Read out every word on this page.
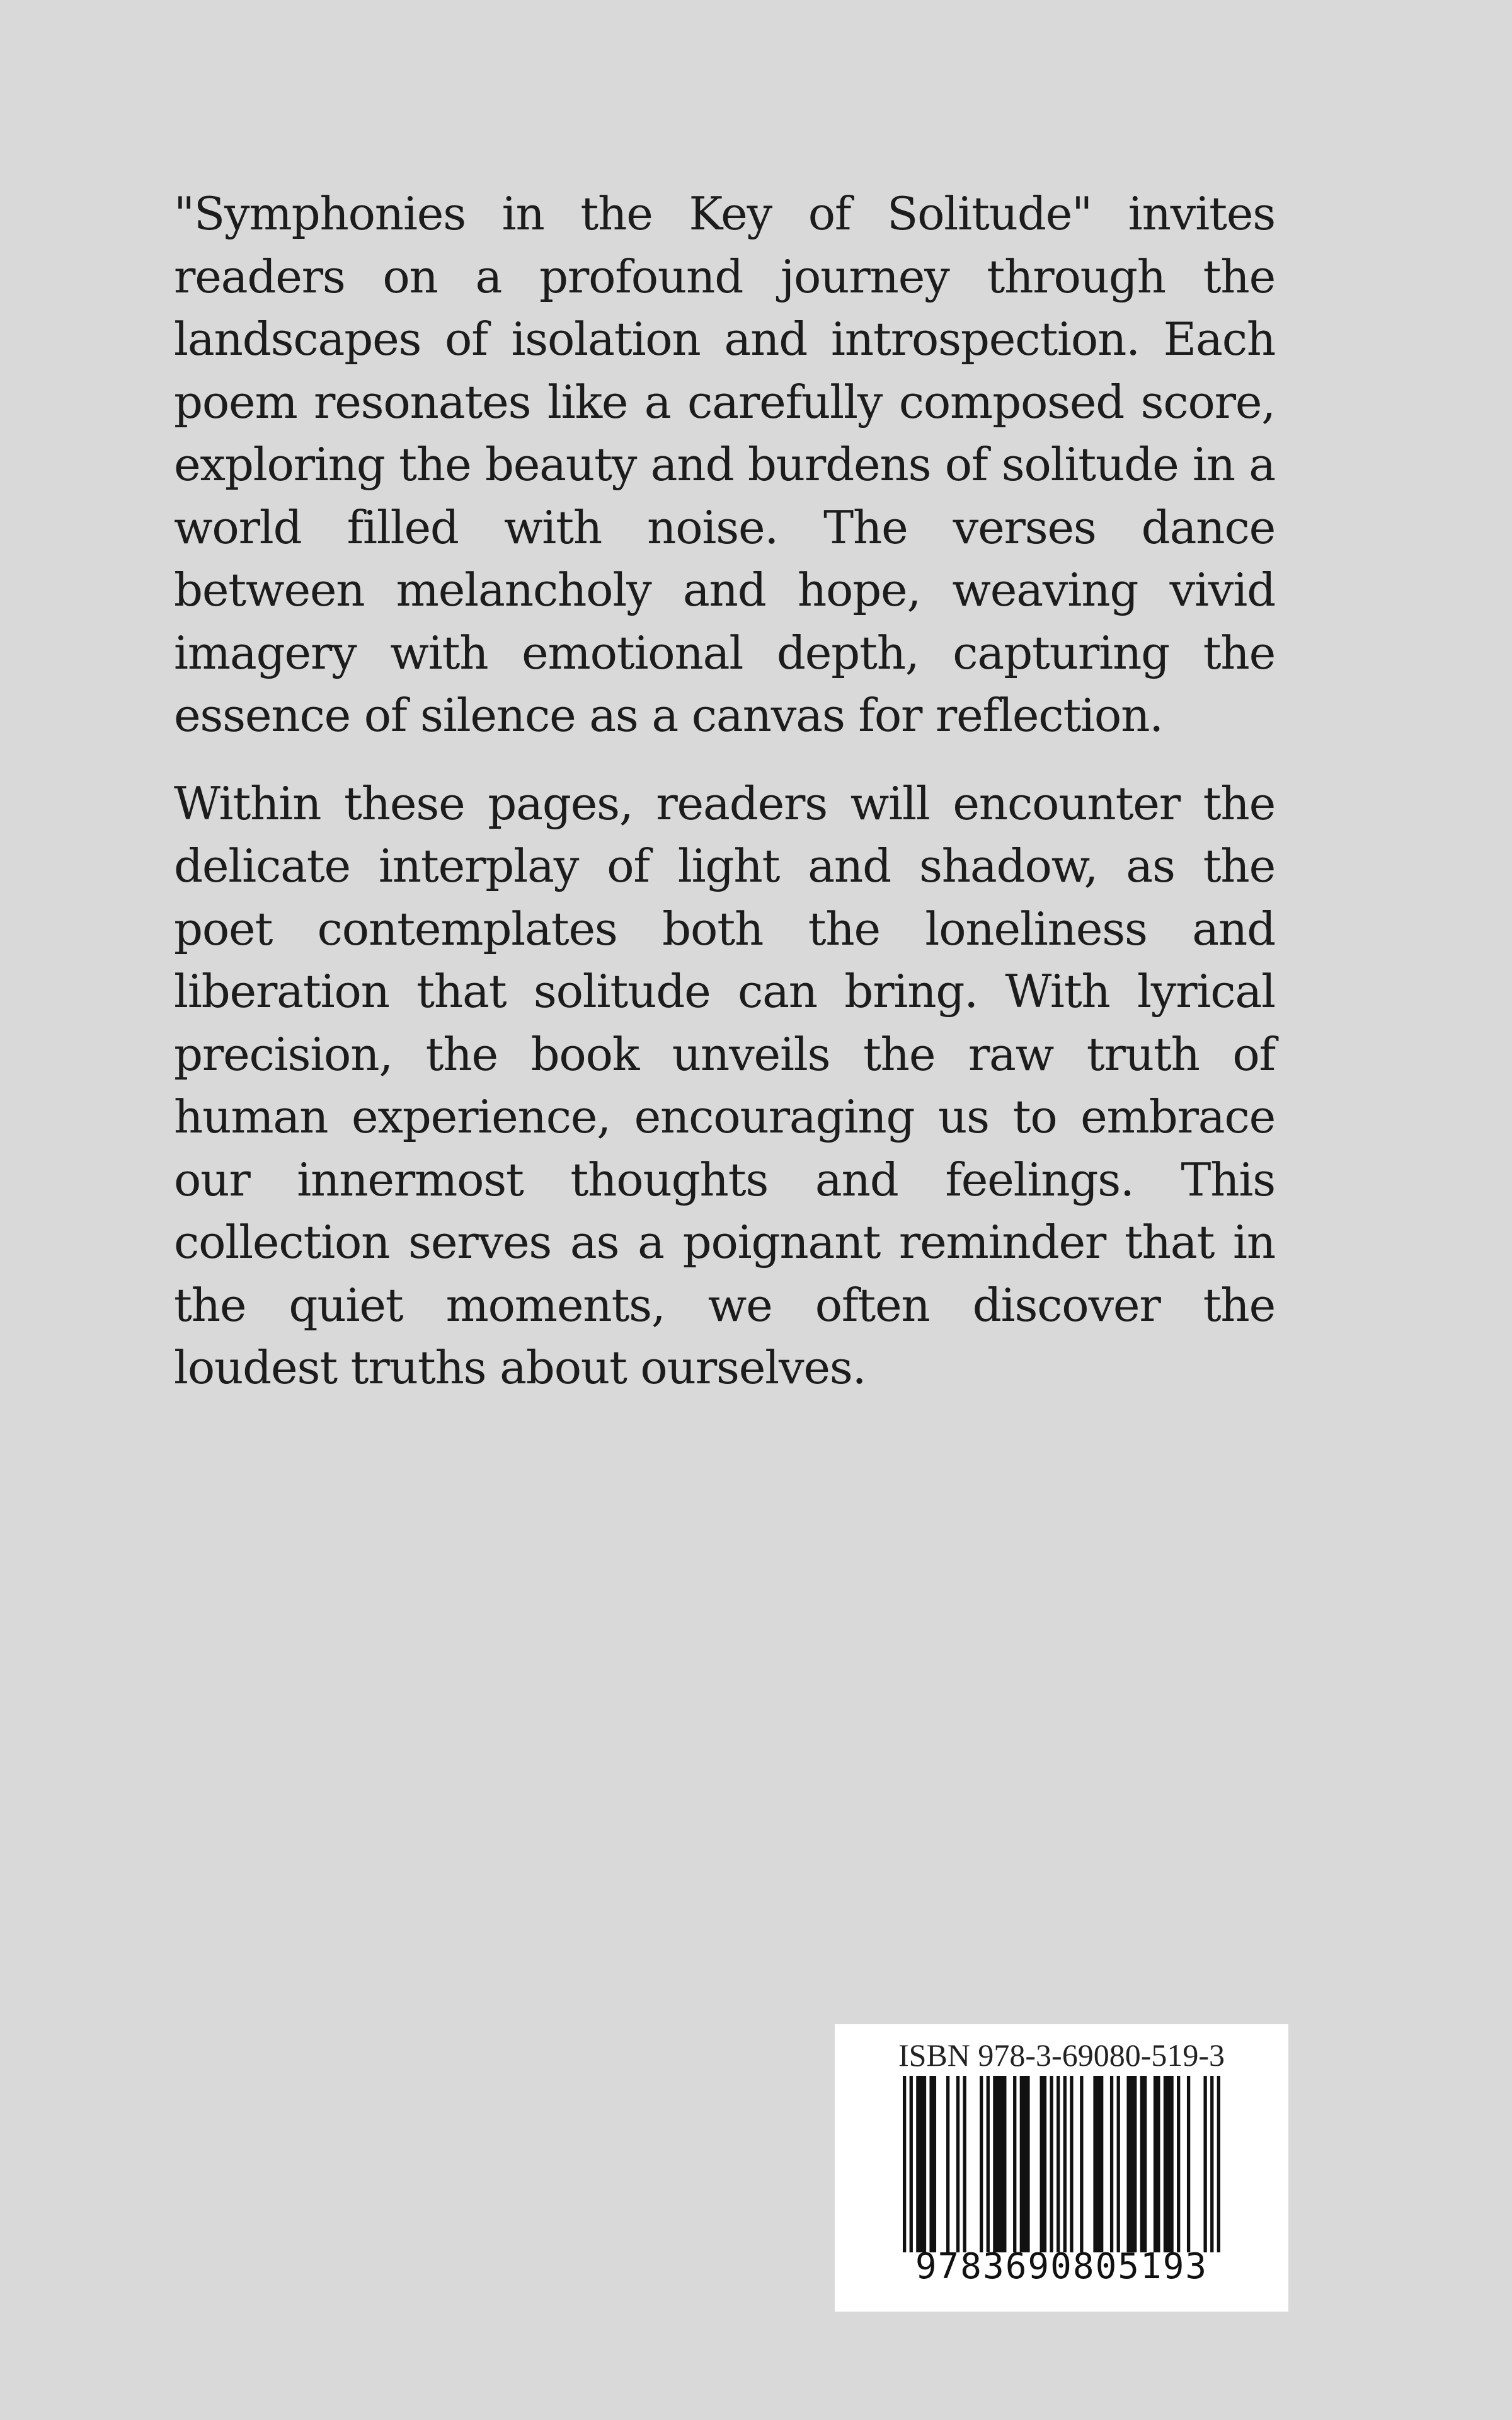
"Symphonies in the Key of Solitude" invites readers on a profound journey through the landscapes of isolation and introspection. Each poem resonates like a carefully composed score, exploring the beauty and burdens of solitude in a world filled with noise. The verses dance between melancholy and hope, weaving vivid imagery with emotional depth, capturing the essence of silence as a canvas for reflection.

Within these pages, readers will encounter the delicate interplay of light and shadow, as the poet contemplates both the loneliness and liberation that solitude can bring. With lyrical precision, the book unveils the raw truth of human experience, encouraging us to embrace our innermost thoughts and feelings. This collection serves as a poignant reminder that in the quiet moments, we often discover the loudest truths about ourselves.

ISBN 978-3-69080-519-3
9783690805193
